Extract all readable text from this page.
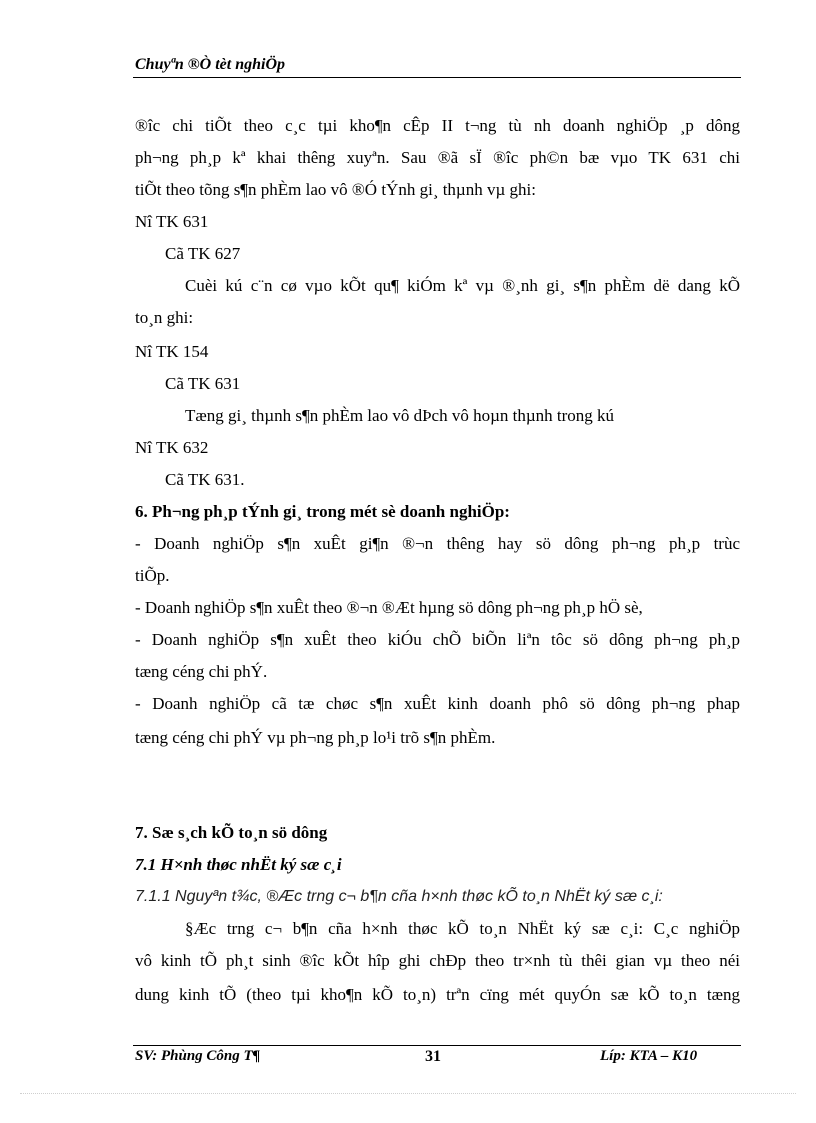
Chuyªn ®Ò tèt nghiÖp
®îc chi tiÕt theo c¸c tµi kho¶n cÊp II t¬ng tù nh doanh nghiÖp ¸p dông
ph¬ng ph¸p kª khai thêng xuyªn. Sau ®ã sÏ ®îc ph©n bæ vµo TK 631 chi
tiÕt theo tõng s¶n phÈm lao vô ®Ó tÝnh gi¸ thµnh vµ ghi:
Nî TK 631
Cã TK 627
Cuèi kú c¨n cø vµo kÕt qu¶ kiÓm kª vµ ®¸nh gi¸ s¶n phÈm dë dang kÕ
to¸n ghi:
Nî TK 154
Cã TK 631
Tæng gi¸ thµnh s¶n phÈm lao vô dÞch vô hoµn thµnh trong kú
Nî TK 632
Cã TK 631.
6. Ph¬ng ph¸p tÝnh gi¸ trong mét sè doanh nghiÖp:
- Doanh nghiÖp s¶n xuÊt gi¶n ®¬n thêng hay sö dông ph¬ng ph¸p trùc
tiÕp.
- Doanh nghiÖp s¶n xuÊt theo ®¬n ®Æt hµng sö dông ph¬ng ph¸p hÖ sè,
- Doanh nghiÖp s¶n xuÊt theo kiÓu chÕ biÕn liªn tôc sö dông ph¬ng ph¸p
tæng céng chi phÝ.
- Doanh nghiÖp cã tæ chøc s¶n xuÊt kinh doanh phô sö dông ph¬ng phap
tæng céng chi phÝ vµ ph¬ng ph¸p lo¹i trõ s¶n phÈm.
7. Sæ s¸ch kÕ to¸n sö dông
7.1 H×nh thøc nhËt ký sæ c¸i
7.1.1 Nguyªn t¾c, ®Æc trng c¬ b¶n cña h×nh thøc kÕ to¸n NhËt ký sæ c¸i:
§Æc trng c¬ b¶n cña h×nh thøc kÕ to¸n NhËt ký sæ c¸i: C¸c nghiÖp
vô kinh tÕ ph¸t sinh ®îc kÕt hîp ghi chÐp theo tr×nh tù thêi gian vµ theo néi
dung kinh tÕ (theo tµi kho¶n kÕ to¸n) trªn cïng mét quyÓn sæ kÕ to¸n tæng
SV: Phùng Công T¶	31	Líp: KTA – K10
